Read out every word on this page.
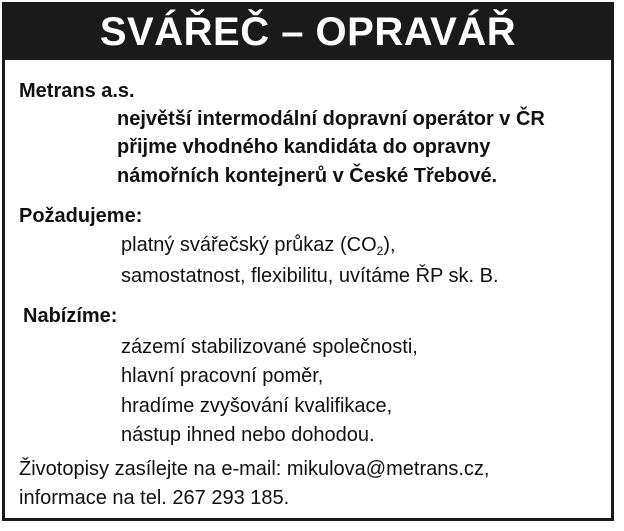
SVÁŘEČ – OPRAVÁŘ
Metrans a.s.
největší intermodální dopravní operátor v ČR
přijme vhodného kandidáta do opravny
námořních kontejnerů v České Třebové.
Požadujeme:
platný svářečský průkaz $(CO_2)$,
samostatnost, flexibilitu, uvítáme ŘP sk. B.
Nabízíme:
zázemí stabilizované společnosti,
hlavní pracovní poměr,
hradíme zvyšování kvalifikace,
nástup ihned nebo dohodou.
Životopisy zasílejte na e-mail: mikulova@metrans.cz,
informace na tel. 267 293 185.
